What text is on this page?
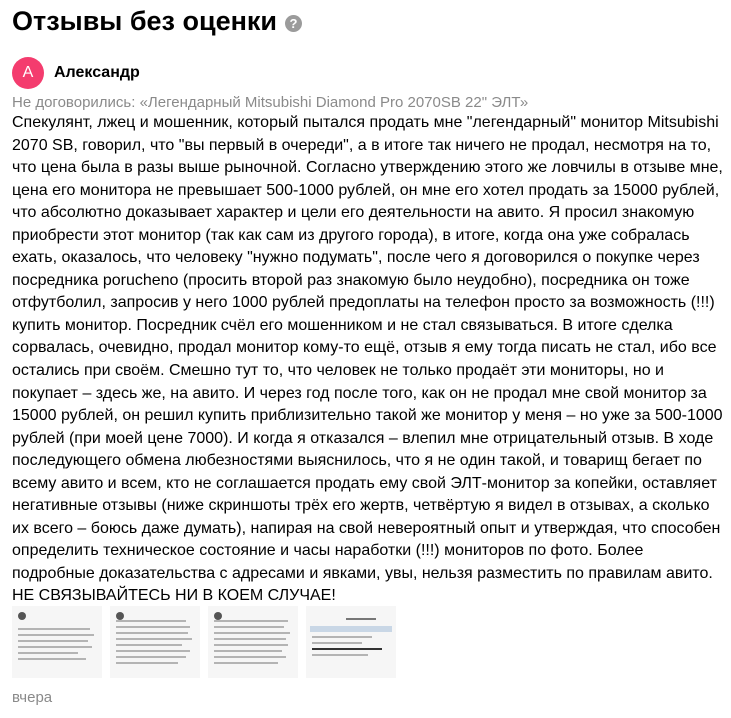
Отзывы без оценки ?
А	Александр
Не договорились: «Легендарный Mitsubishi Diamond Pro 2070SB 22" ЭЛТ»

Спекулянт, лжец и мошенник, который пытался продать мне "легендарный" монитор Mitsubishi
2070 SB, говорил, что "вы первый в очереди", а в итоге так ничего не продал, несмотря на то,
что цена была в разы выше рыночной. Согласно утверждению этого же ловчилы в отзыве мне,
цена его монитора не превышает 500-1000 рублей, он мне его хотел продать за 15000 рублей,
что абсолютно доказывает характер и цели его деятельности на авито. Я просил знакомую
приобрести этот монитор (так как сам из другого города), в итоге, когда она уже собралась
ехать, оказалось, что человеку "нужно подумать", после чего я договорился о покупке через
посредника porucheno (просить второй раз знакомую было неудобно), посредника он тоже
отфутболил, запросив у него 1000 рублей предоплаты на телефон просто за возможность (!!!)
купить монитор. Посредник счёл его мошенником и не стал связываться. В итоге сделка
сорвалась, очевидно, продал монитор кому-то ещё, отзыв я ему тогда писать не стал, ибо все
остались при своём. Смешно тут то, что человек не только продаёт эти мониторы, но и
покупает – здесь же, на авито. И через год после того, как он не продал мне свой монитор за
15000 рублей, он решил купить приблизительно такой же монитор у меня – но уже за 500-1000
рублей (при моей цене 7000). И когда я отказался – влепил мне отрицательный отзыв. В ходе
последующего обмена любезностями выяснилось, что я не один такой, и товарищ бегает по
всему авито и всем, кто не соглашается продать ему свой ЭЛТ-монитор за копейки, оставляет
негативные отзывы (ниже скриншоты трёх его жертв, четвёртую я видел в отзывах, а сколько
их всего – боюсь даже думать), напирая на свой невероятный опыт и утверждая, что способен
определить техническое состояние и часы наработки (!!!) мониторов по фото. Более
подробные доказательства с адресами и явками, увы, нельзя разместить по правилам авито.
НЕ СВЯЗЫВАЙТЕСЬ НИ В КОЕМ СЛУЧАЕ!

вчера
